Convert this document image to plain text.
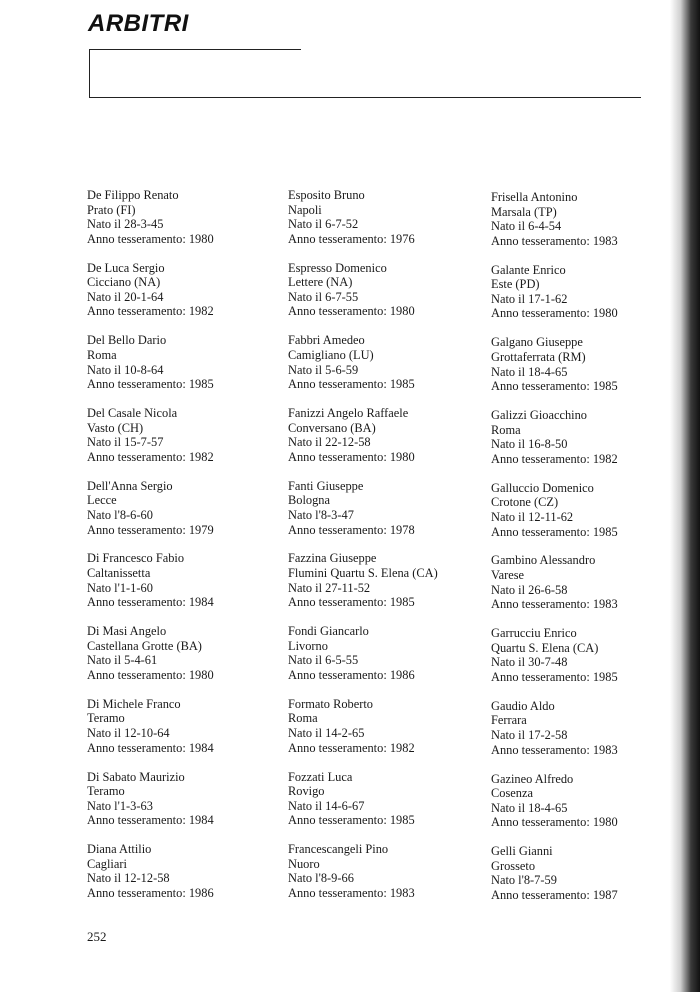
ARBITRI
De Filippo Renato
Prato (FI)
Nato il 28-3-45
Anno tesseramento: 1980
De Luca Sergio
Cicciano (NA)
Nato il 20-1-64
Anno tesseramento: 1982
Del Bello Dario
Roma
Nato il 10-8-64
Anno tesseramento: 1985
Del Casale Nicola
Vasto (CH)
Nato il 15-7-57
Anno tesseramento: 1982
Dell'Anna Sergio
Lecce
Nato l'8-6-60
Anno tesseramento: 1979
Di Francesco Fabio
Caltanissetta
Nato l'1-1-60
Anno tesseramento: 1984
Di Masi Angelo
Castellana Grotte (BA)
Nato il 5-4-61
Anno tesseramento: 1980
Di Michele Franco
Teramo
Nato il 12-10-64
Anno tesseramento: 1984
Di Sabato Maurizio
Teramo
Nato l'1-3-63
Anno tesseramento: 1984
Diana Attilio
Cagliari
Nato il 12-12-58
Anno tesseramento: 1986
Esposito Bruno
Napoli
Nato il 6-7-52
Anno tesseramento: 1976
Espresso Domenico
Lettere (NA)
Nato il 6-7-55
Anno tesseramento: 1980
Fabbri Amedeo
Camigliano (LU)
Nato il 5-6-59
Anno tesseramento: 1985
Fanizzi Angelo Raffaele
Conversano (BA)
Nato il 22-12-58
Anno tesseramento: 1980
Fanti Giuseppe
Bologna
Nato l'8-3-47
Anno tesseramento: 1978
Fazzina Giuseppe
Flumini Quartu S. Elena (CA)
Nato il 27-11-52
Anno tesseramento: 1985
Fondi Giancarlo
Livorno
Nato il 6-5-55
Anno tesseramento: 1986
Formato Roberto
Roma
Nato il 14-2-65
Anno tesseramento: 1982
Fozzati Luca
Rovigo
Nato il 14-6-67
Anno tesseramento: 1985
Francescangeli Pino
Nuoro
Nato l'8-9-66
Anno tesseramento: 1983
Frisella Antonino
Marsala (TP)
Nato il 6-4-54
Anno tesseramento: 1983
Galante Enrico
Este (PD)
Nato il 17-1-62
Anno tesseramento: 1980
Galgano Giuseppe
Grottaferrata (RM)
Nato il 18-4-65
Anno tesseramento: 1985
Galizzi Gioacchino
Roma
Nato il 16-8-50
Anno tesseramento: 1982
Galluccio Domenico
Crotone (CZ)
Nato il 12-11-62
Anno tesseramento: 1985
Gambino Alessandro
Varese
Nato il 26-6-58
Anno tesseramento: 1983
Garrucciu Enrico
Quartu S. Elena (CA)
Nato il 30-7-48
Anno tesseramento: 1985
Gaudio Aldo
Ferrara
Nato il 17-2-58
Anno tesseramento: 1983
Gazineo Alfredo
Cosenza
Nato il 18-4-65
Anno tesseramento: 1980
Gelli Gianni
Grosseto
Nato l'8-7-59
Anno tesseramento: 1987
252
